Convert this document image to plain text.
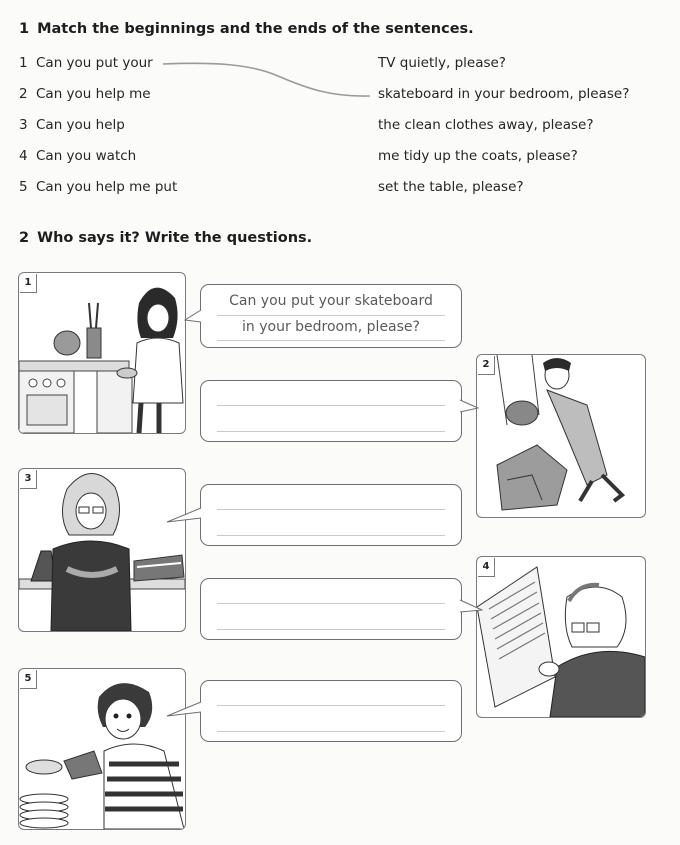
1 Match the beginnings and the ends of the sentences.
1 Can you put your
2 Can you help me
3 Can you help
4 Can you watch
5 Can you help me put
TV quietly, please?
skateboard in your bedroom, please?
the clean clothes away, please?
me tidy up the coats, please?
set the table, please?
2 Who says it? Write the questions.
1
Can you put your skateboard
in your bedroom, please?
2
3
4
5
